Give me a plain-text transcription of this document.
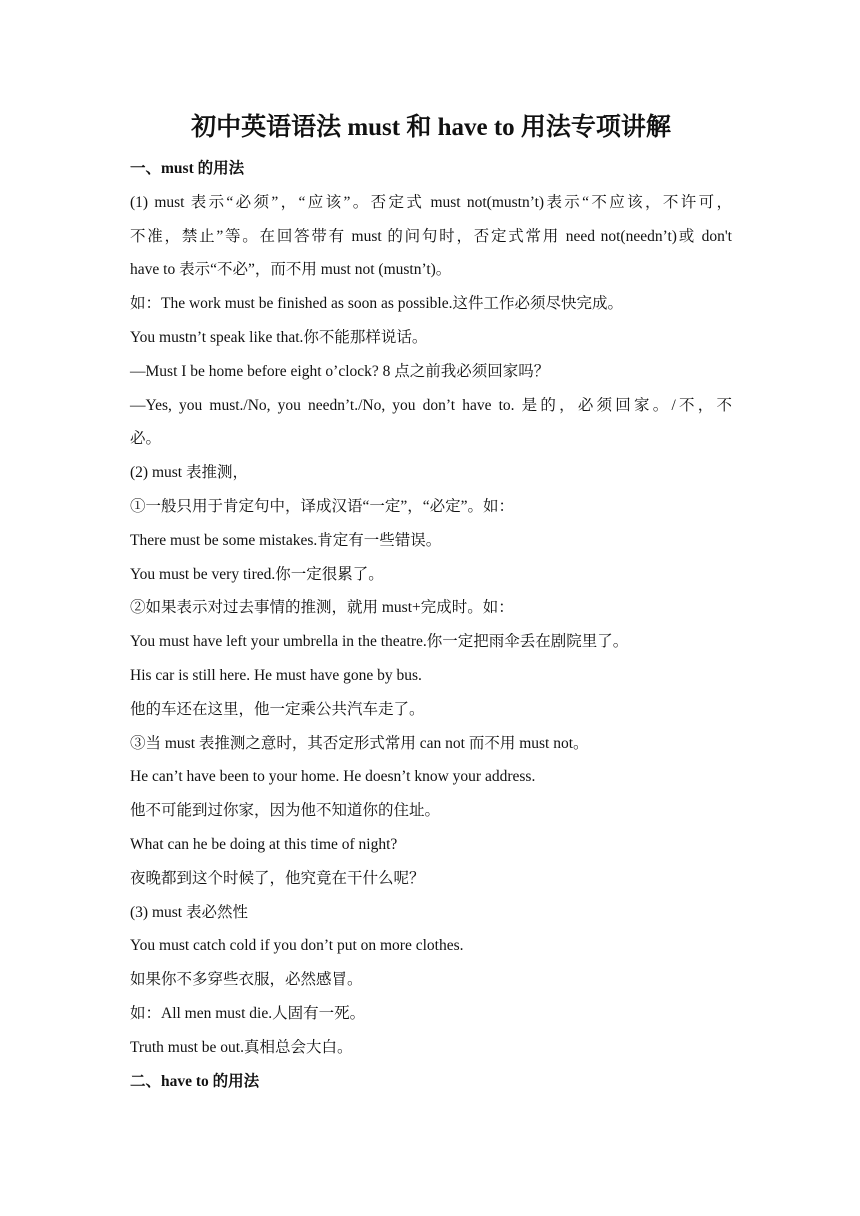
初中英语语法 must 和 have to 用法专项讲解

一、must 的用法

(1) must 表示“必须”，“应该”。否定式 must not(mustn’t)表示“不应该，不许可，

不准，禁止”等。在回答带有 must 的问句时，否定式常用 need not(needn’t)或 don't

have to 表示“不必”，而不用 must not (mustn’t)。

如：The work must be finished as soon as possible.这件工作必须尽快完成。

You mustn’t speak like that.你不能那样说话。

—Must I be home before eight o’clock? 8 点之前我必须回家吗？

—Yes, you must./No, you needn’t./No, you don’t have to. 是的，必须回家。/不，不

必。

(2) must 表推测，

①一般只用于肯定句中，译成汉语“一定”，“必定”。如：

There must be some mistakes.肯定有一些错误。

You must be very tired.你一定很累了。

②如果表示对过去事情的推测，就用 must+完成时。如：

You must have left your umbrella in the theatre.你一定把雨伞丢在剧院里了。

His car is still here. He must have gone by bus.

他的车还在这里，他一定乘公共汽车走了。

③当 must 表推测之意时，其否定形式常用 can not 而不用 must not。

He can’t have been to your home. He doesn’t know your address.

他不可能到过你家，因为他不知道你的住址。

What can he be doing at this time of night?

夜晚都到这个时候了，他究竟在干什么呢？

(3) must 表必然性

You must catch cold if you don’t put on more clothes.

如果你不多穿些衣服，必然感冒。

如：All men must die.人固有一死。

Truth must be out.真相总会大白。

二、have to 的用法
